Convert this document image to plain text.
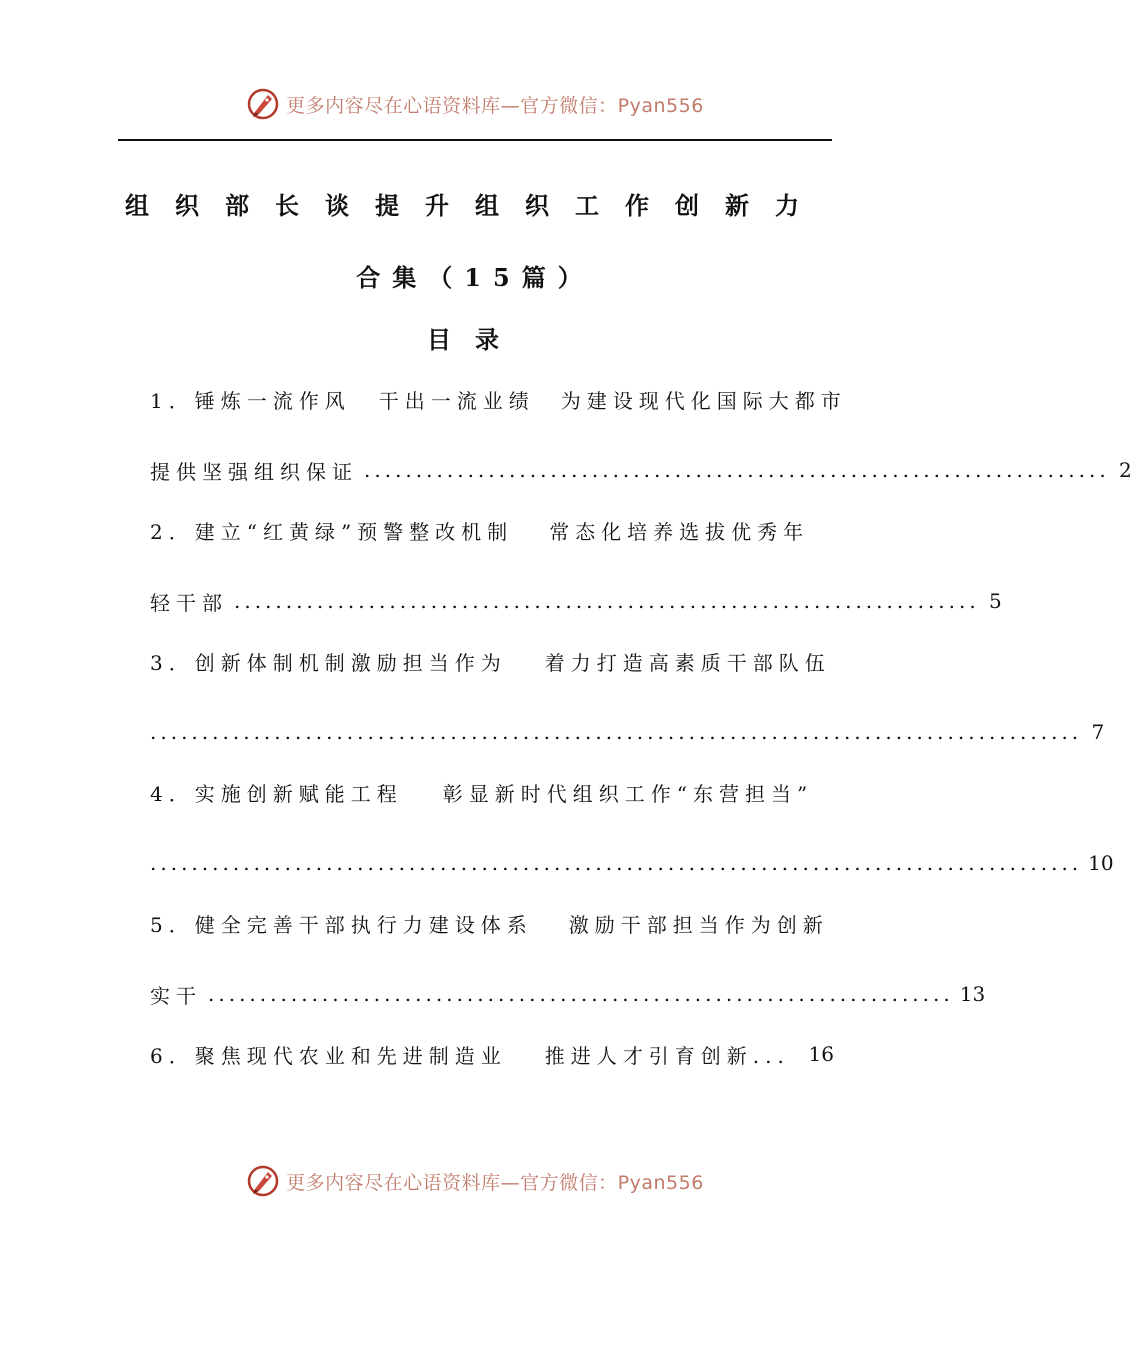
更多内容尽在心语资料库—官方微信：Pyan556
组织部长谈提升组织工作创新力
合集（15篇）
目录
1．锤炼一流作风 干出一流业绩　为建设现代化国际大都市
提供坚强组织保证 ........................................................................ 2
2．建立“红黄绿”预警整改机制 常态化培养选拔优秀年
轻干部 ........................................................................ 5
3．创新体制机制激励担当作为 着力打造高素质干部队伍
.......................................................................................... 7
4．实施创新赋能工程 彰显新时代组织工作“东营担当”
.......................................................................................... 10
5．健全完善干部执行力建设体系 激励干部担当作为创新
实干 ........................................................................ 13
6．聚焦现代农业和先进制造业 推进人才引育创新... 16
更多内容尽在心语资料库—官方微信：Pyan556
